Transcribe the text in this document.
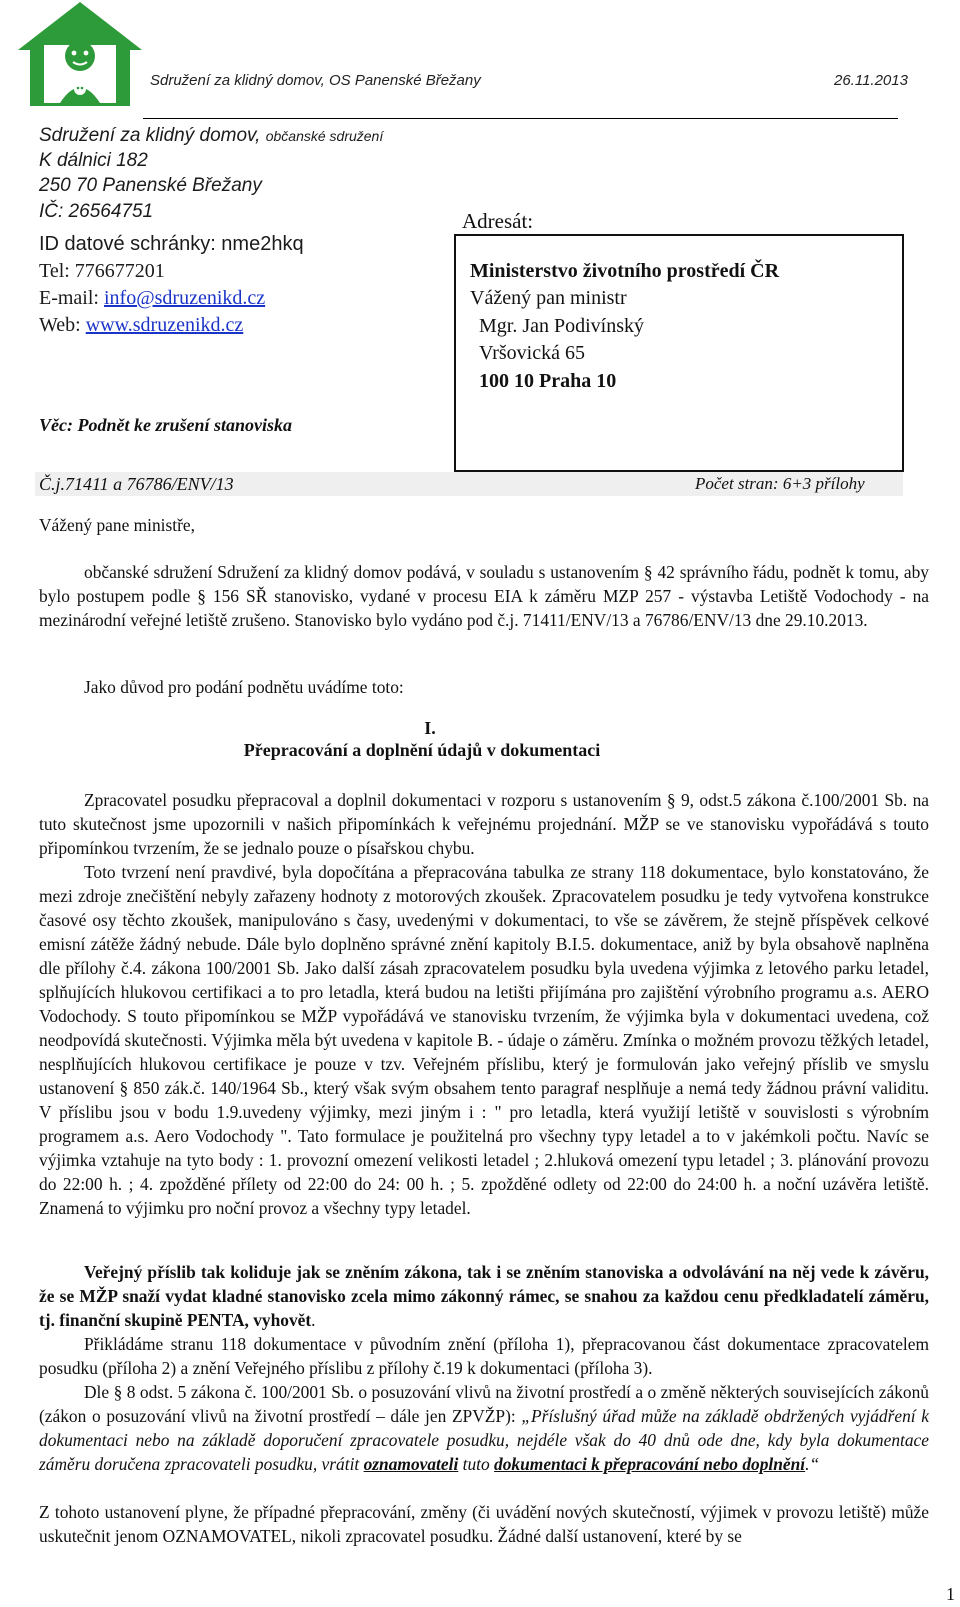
Sdružení za klidný domov, OS Panenské Břežany	26.11.2013
Sdružení za klidný domov, občanské sdružení
K dálnici 182
250 70 Panenské Břežany
IČ: 26564751
ID datové schránky: nme2hkq
Tel: 776677201
E-mail: info@sdruzenikd.cz
Web: www.sdruzenikd.cz
Adresát:
Ministerstvo životního prostředí ČR
Vážený pan ministr
Mgr. Jan Podivínský
Vršovická 65
100 10 Praha 10
Věc: Podnět ke zrušení stanoviska
Č.j.71411 a 76786/ENV/13	Počet stran: 6+3 přílohy
Vážený pane ministře,
občanské sdružení Sdružení za klidný domov podává, v souladu s ustanovením § 42 správního řádu, podnět k tomu, aby bylo postupem podle § 156 SŘ stanovisko, vydané v procesu EIA k záměru MZP 257 - výstavba Letiště Vodochody - na mezinárodní veřejné letiště zrušeno. Stanovisko bylo vydáno pod č.j. 71411/ENV/13 a 76786/ENV/13 dne 29.10.2013.
Jako důvod pro podání podnětu uvádíme toto:
I.
Přepracování a doplnění údajů v dokumentaci
Zpracovatel posudku přepracoval a doplnil dokumentaci v rozporu s ustanovením § 9, odst.5 zákona č.100/2001 Sb. na tuto skutečnost jsme upozornili v našich připomínkách k veřejnému projednání. MŽP se ve stanovisku vypořádává s touto připomínkou tvrzením, že se jednalo pouze o písařskou chybu.
Toto tvrzení není pravdivé, byla dopočítána a přepracována tabulka ze strany 118 dokumentace, bylo konstatováno, že mezi zdroje znečištění nebyly zařazeny hodnoty z motorových zkoušek. Zpracovatelem posudku je tedy vytvořena konstrukce časové osy těchto zkoušek, manipulováno s časy, uvedenými v dokumentaci, to vše se závěrem, že stejně příspěvek celkové emisní zátěže žádný nebude. Dále bylo doplněno správné znění kapitoly B.I.5. dokumentace, aniž by byla obsahově naplněna dle přílohy č.4. zákona 100/2001 Sb. Jako další zásah zpracovatelem posudku byla uvedena výjimka z letového parku letadel, splňujících hlukovou certifikaci a to pro letadla, která budou na letišti přijímána pro zajištění výrobního programu a.s. AERO Vodochody. S touto připomínkou se MŽP vypořádává ve stanovisku tvrzením, že výjimka byla v dokumentaci uvedena, což neodpovídá skutečnosti. Výjimka měla být uvedena v kapitole B. - údaje o záměru. Zmínka o možném provozu těžkých letadel, nesplňujících hlukovou certifikace je pouze v tzv. Veřejném příslibu, který je formulován jako veřejný příslib ve smyslu ustanovení § 850 zák.č. 140/1964 Sb., který však svým obsahem tento paragraf nesplňuje a nemá tedy žádnou právní validitu. V příslibu jsou v bodu 1.9.uvedeny výjimky, mezi jiným i : " pro letadla, která využijí letiště v souvislosti s výrobním programem a.s. Aero Vodochody ". Tato formulace je použitelná pro všechny typy letadel a to v jakémkoli počtu. Navíc se výjimka vztahuje na tyto body : 1. provozní omezení velikosti letadel ; 2.hluková omezení typu letadel ; 3. plánování provozu do 22:00 h. ; 4. zpožděné přílety od 22:00 do 24: 00 h. ; 5. zpožděné odlety od 22:00 do 24:00 h. a noční uzávěra letiště. Znamená to výjimku pro noční provoz a všechny typy letadel.
Veřejný příslib tak koliduje jak se zněním zákona, tak i se zněním stanoviska a odvolávání na něj vede k závěru, že se MŽP snaží vydat kladné stanovisko zcela mimo zákonný rámec, se snahou za každou cenu předkladatelí záměru, tj. finanční skupině PENTA, vyhovět.
Přikládáme stranu 118 dokumentace v původním znění (příloha 1), přepracovanou část dokumentace zpracovatelem posudku (příloha 2) a znění Veřejného příslibu z přílohy č.19 k dokumentaci (příloha 3).
Dle § 8 odst. 5 zákona č. 100/2001 Sb. o posuzování vlivů na životní prostředí a o změně některých souvisejících zákonů (zákon o posuzování vlivů na životní prostředí – dále jen ZPVŽP): „Příslušný úřad může na základě obdržených vyjádření k dokumentaci nebo na základě doporučení zpracovatele posudku, nejdéle však do 40 dnů ode dne, kdy byla dokumentace záměru doručena zpracovateli posudku, vrátit oznamovateli tuto dokumentaci k přepracování nebo doplnění.“
Z tohoto ustanovení plyne, že případné přepracování, změny (či uvádění nových skutečností, výjimek v provozu letiště) může uskutečnit jenom OZNAMOVATEL, nikoli zpracovatel posudku. Žádné další ustanovení, které by se
1
